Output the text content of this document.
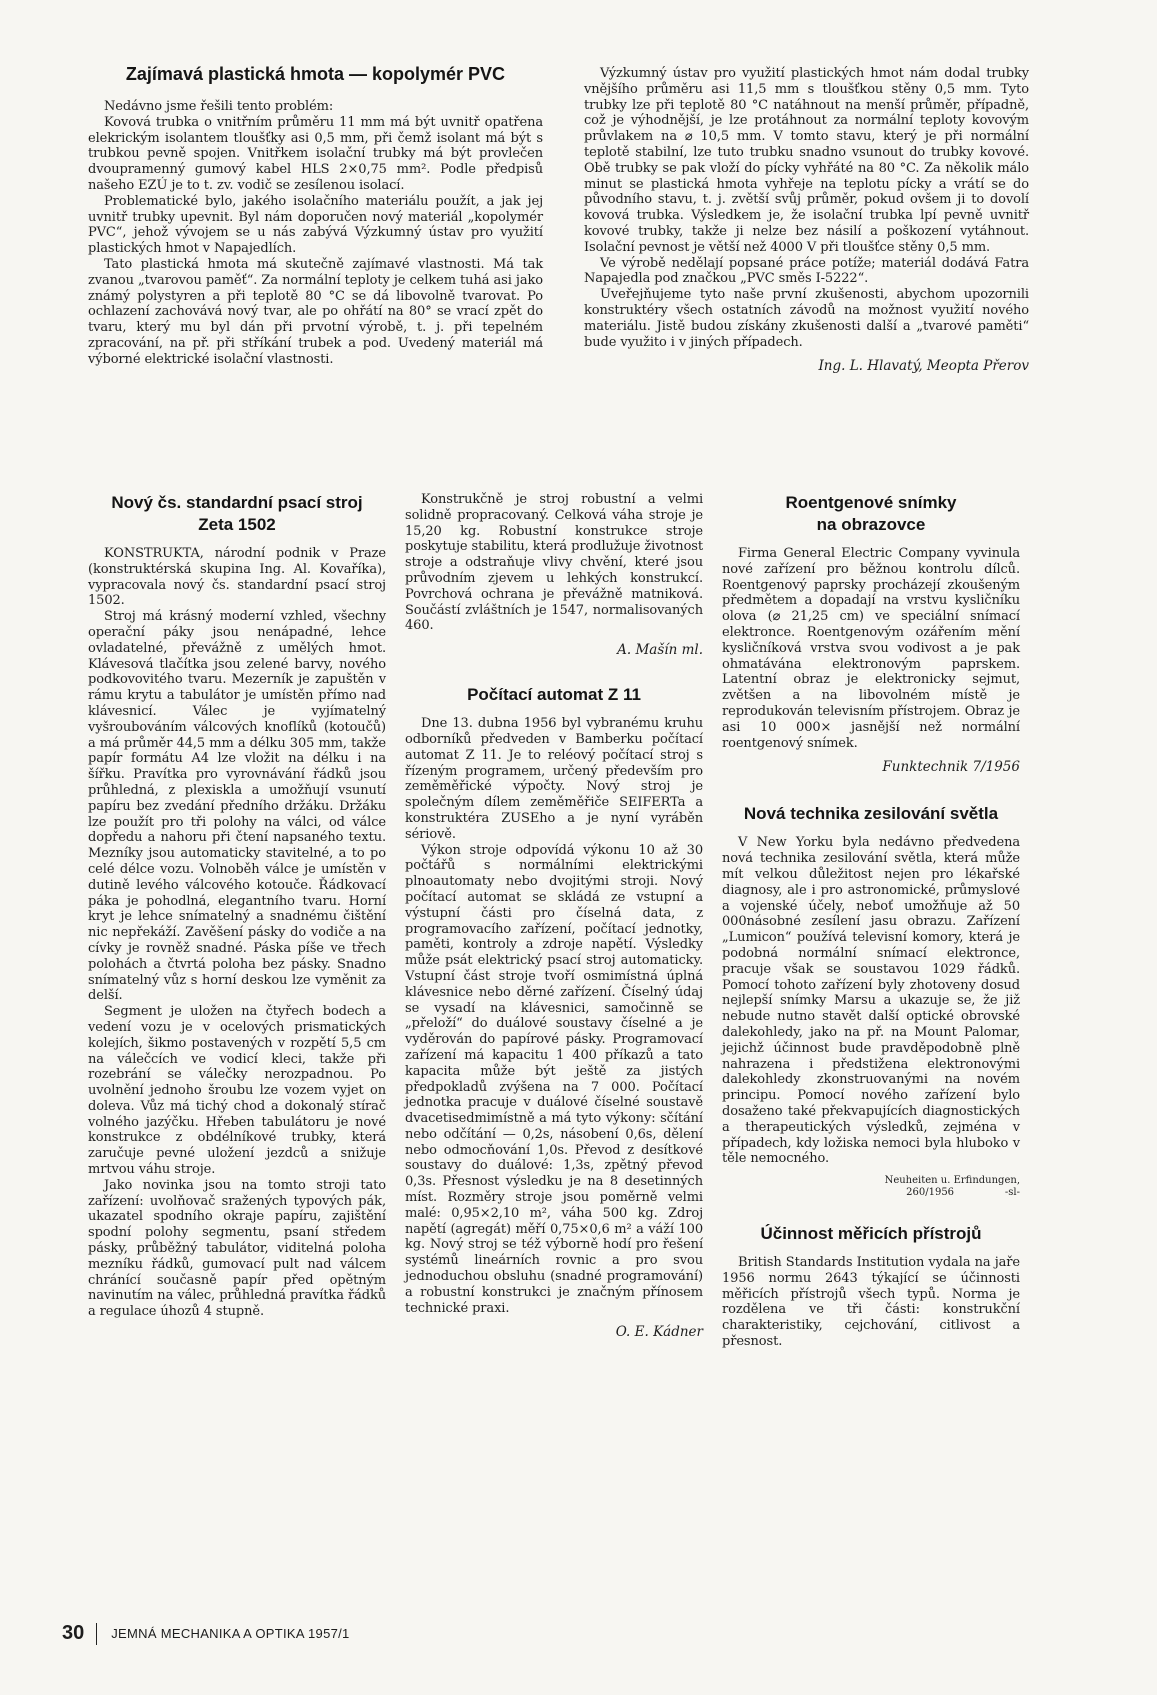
Zajímavá plastická hmota — kopolymér PVC

Nedávno jsme řešili tento problém:

Kovová trubka o vnitřním průměru 11 mm má být uvnitř opatřena elekrickým isolantem tloušťky asi 0,5 mm, při čemž isolant má být s trubkou pevně spojen. Vnitřkem isolační trubky má být provlečen dvoupramenný gumový kabel HLS 2×0,75 mm². Podle předpisů našeho EZÚ je to t. zv. vodič se zesílenou isolací.

Problematické bylo, jakého isolačního materiálu použít, a jak jej uvnitř trubky upevnit. Byl nám doporučen nový materiál „kopolymér PVC“, jehož vývojem se u nás zabývá Výzkumný ústav pro využití plastických hmot v Napajedlích.

Tato plastická hmota má skutečně zajímavé vlastnosti. Má tak zvanou „tvarovou paměť“. Za normální teploty je celkem tuhá asi jako známý polystyren a při teplotě 80 °C se dá libovolně tvarovat. Po ochlazení zachovává nový tvar, ale po ohřátí na 80° se vrací zpět do tvaru, který mu byl dán při prvotní výrobě, t. j. při tepelném zpracování, na př. při stříkání trubek a pod. Uvedený materiál má výborné elektrické isolační vlastnosti.

Výzkumný ústav pro využití plastických hmot nám dodal trubky vnějšího průměru asi 11,5 mm s tloušťkou stěny 0,5 mm. Tyto trubky lze při teplotě 80 °C natáhnout na menší průměr, případně, což je výhodnější, je lze protáhnout za normální teploty kovovým průvlakem na ⌀ 10,5 mm. V tomto stavu, který je při normální teplotě stabilní, lze tuto trubku snadno vsunout do trubky kovové. Obě trubky se pak vloží do pícky vyhřáté na 80 °C. Za několik málo minut se plastická hmota vyhřeje na teplotu pícky a vrátí se do původního stavu, t. j. zvětší svůj průměr, pokud ovšem ji to dovolí kovová trubka. Výsledkem je, že isolační trubka lpí pevně uvnitř kovové trubky, takže ji nelze bez násilí a poškození vytáhnout. Isolační pevnost je větší než 4000 V při tloušťce stěny 0,5 mm.

Ve výrobě nedělají popsané práce potíže; materiál dodává Fatra Napajedla pod značkou „PVC směs I-5222“.

Uveřejňujeme tyto naše první zkušenosti, abychom upozornili konstruktéry všech ostatních závodů na možnost využití nového materiálu. Jistě budou získány zkušenosti další a „tvarové paměti“ bude využito i v jiných případech.

Ing. L. Hlavatý, Meopta Přerov
Nový čs. standardní psací stroj
Zeta 1502

KONSTRUKTA, národní podnik v Praze (konstruktérská skupina Ing. Al. Kovaříka), vypracovala nový čs. standardní psací stroj 1502.

Stroj má krásný moderní vzhled, všechny operační páky jsou nenápadné, lehce ovladatelné, převážně z umělých hmot. Klávesová tlačítka jsou zelené barvy, nového podkovovitého tvaru. Mezerník je zapuštěn v rámu krytu a tabulátor je umístěn přímo nad klávesnicí. Válec je vyjímatelný vyšroubováním válcových knoflíků (kotoučů) a má průměr 44,5 mm a délku 305 mm, takže papír formátu A4 lze vložit na délku i na šířku. Pravítka pro vyrovnávání řádků jsou průhledná, z plexiskla a umožňují vsunutí papíru bez zvedání předního držáku. Držáku lze použít pro tři polohy na válci, od válce dopředu a nahoru při čtení napsaného textu. Mezníky jsou automaticky stavitelné, a to po celé délce vozu. Volnoběh válce je umístěn v dutině levého válcového kotouče. Řádkovací páka je pohodlná, elegantního tvaru. Horní kryt je lehce snímatelný a snadnému čištění nic nepřekáží. Zavěšení pásky do vodiče a na cívky je rovněž snadné. Páska píše ve třech polohách a čtvrtá poloha bez pásky. Snadno snímatelný vůz s horní deskou lze vyměnit za delší.

Segment je uložen na čtyřech bodech a vedení vozu je v ocelových prismatických kolejích, šikmo postavených v rozpětí 5,5 cm na válečcích ve vodicí kleci, takže při rozebrání se válečky nerozpadnou. Po uvolnění jednoho šroubu lze vozem vyjet on doleva. Vůz má tichý chod a dokonalý stírač volného jazýčku. Hřeben tabulátoru je nové konstrukce z obdélníkové trubky, která zaručuje pevné uložení jezdců a snižuje mrtvou váhu stroje.

Jako novinka jsou na tomto stroji tato zařízení: uvolňovač sražených typových pák, ukazatel spodního okraje papíru, zajištění spodní polohy segmentu, psaní středem pásky, průběžný tabulátor, viditelná poloha mezníku řádků, gumovací pult nad válcem chránící současně papír před opětným navinutím na válec, průhledná pravítka řádků a regulace úhozů 4 stupně.

Konstrukčně je stroj robustní a velmi solidně propracovaný. Celková váha stroje je 15,20 kg. Robustní konstrukce stroje poskytuje stabilitu, která prodlužuje životnost stroje a odstraňuje vlivy chvění, které jsou průvodním zjevem u lehkých konstrukcí. Povrchová ochrana je převážně matniková. Součástí zvláštních je 1547, normalisovaných 460.

A. Mašín ml.
Počítací automat Z 11

Dne 13. dubna 1956 byl vybranému kruhu odborníků předveden v Bamberku počítací automat Z 11. Je to reléový počítací stroj s řízeným programem, určený především pro zeměměřické výpočty. Nový stroj je společným dílem zeměměřiče SEIFERTa a konstruktéra ZUSEho a je nyní vyráběn sériově.

Výkon stroje odpovídá výkonu 10 až 30 počtářů s normálními elektrickými plnoautomaty nebo dvojitými stroji. Nový počítací automat se skládá ze vstupní a výstupní části pro číselná data, z programovacího zařízení, počítací jednotky, paměti, kontroly a zdroje napětí. Výsledky může psát elektrický psací stroj automaticky. Vstupní část stroje tvoří osmimístná úplná klávesnice nebo děrné zařízení. Číselný údaj se vysadí na klávesnici, samočinně se „přeloží“ do duálové soustavy číselné a je vyděrován do papírové pásky. Programovací zařízení má kapacitu 1 400 příkazů a tato kapacita může být ještě za jistých předpokladů zvýšena na 7 000. Počítací jednotka pracuje v duálové číselné soustavě dvacetisedmimístně a má tyto výkony: sčítání nebo odčítání — 0,2s, násobení 0,6s, dělení nebo odmocňování 1,0s. Převod z desítkové soustavy do duálové: 1,3s, zpětný převod 0,3s. Přesnost výsledku je na 8 desetinných míst. Rozměry stroje jsou poměrně velmi malé: 0,95×2,10 m², váha 500 kg. Zdroj napětí (agregát) měří 0,75×0,6 m² a váží 100 kg. Nový stroj se též výborně hodí pro řešení systémů lineárních rovnic a pro svou jednoduchou obsluhu (snadné programování) a robustní konstrukci je značným přínosem technické praxi.

O. E. Kádner
Roentgenové snímky
na obrazovce

Firma General Electric Company vyvinula nové zařízení pro běžnou kontrolu dílců. Roentgenový paprsky procházejí zkoušeným předmětem a dopadají na vrstvu kysličníku olova (⌀ 21,25 cm) ve speciální snímací elektronce. Roentgenovým ozářením mění kysličníková vrstva svou vodivost a je pak ohmatávána elektronovým paprskem. Latentní obraz je elektronicky sejmut, zvětšen a na libovolném místě je reprodukován televisním přístrojem. Obraz je asi 10 000× jasnější než normální roentgenový snímek.

Funktechnik 7/1956
Nová technika zesilování světla

V New Yorku byla nedávno předvedena nová technika zesilování světla, která může mít velkou důležitost nejen pro lékařské diagnosy, ale i pro astronomické, průmyslové a vojenské účely, neboť umožňuje až 50 000násobné zesílení jasu obrazu. Zařízení „Lumicon“ používá televisní komory, která je podobná normální snímací elektronce, pracuje však se soustavou 1029 řádků. Pomocí tohoto zařízení byly zhotoveny dosud nejlepší snímky Marsu a ukazuje se, že již nebude nutno stavět další optické obrovské dalekohledy, jako na př. na Mount Palomar, jejichž účinnost bude pravděpodobně plně nahrazena i předstižena elektronovými dalekohledy zkonstruovanými na novém principu. Pomocí nového zařízení bylo dosaženo také překvapujících diagnostických a therapeutických výsledků, zejména v případech, kdy ložiska nemoci byla hluboko v těle nemocného.

Neuheiten u. Erfindungen,
260/1956                -sl-
Účinnost měřicích přístrojů

British Standards Institution vydala na jaře 1956 normu 2643 týkající se účinnosti měřicích přístrojů všech typů. Norma je rozdělena ve tři části: konstrukční charakteristiky, cejchování, citlivost a přesnost.

30 JEMNÁ MECHANIKA A OPTIKA 1957/1
